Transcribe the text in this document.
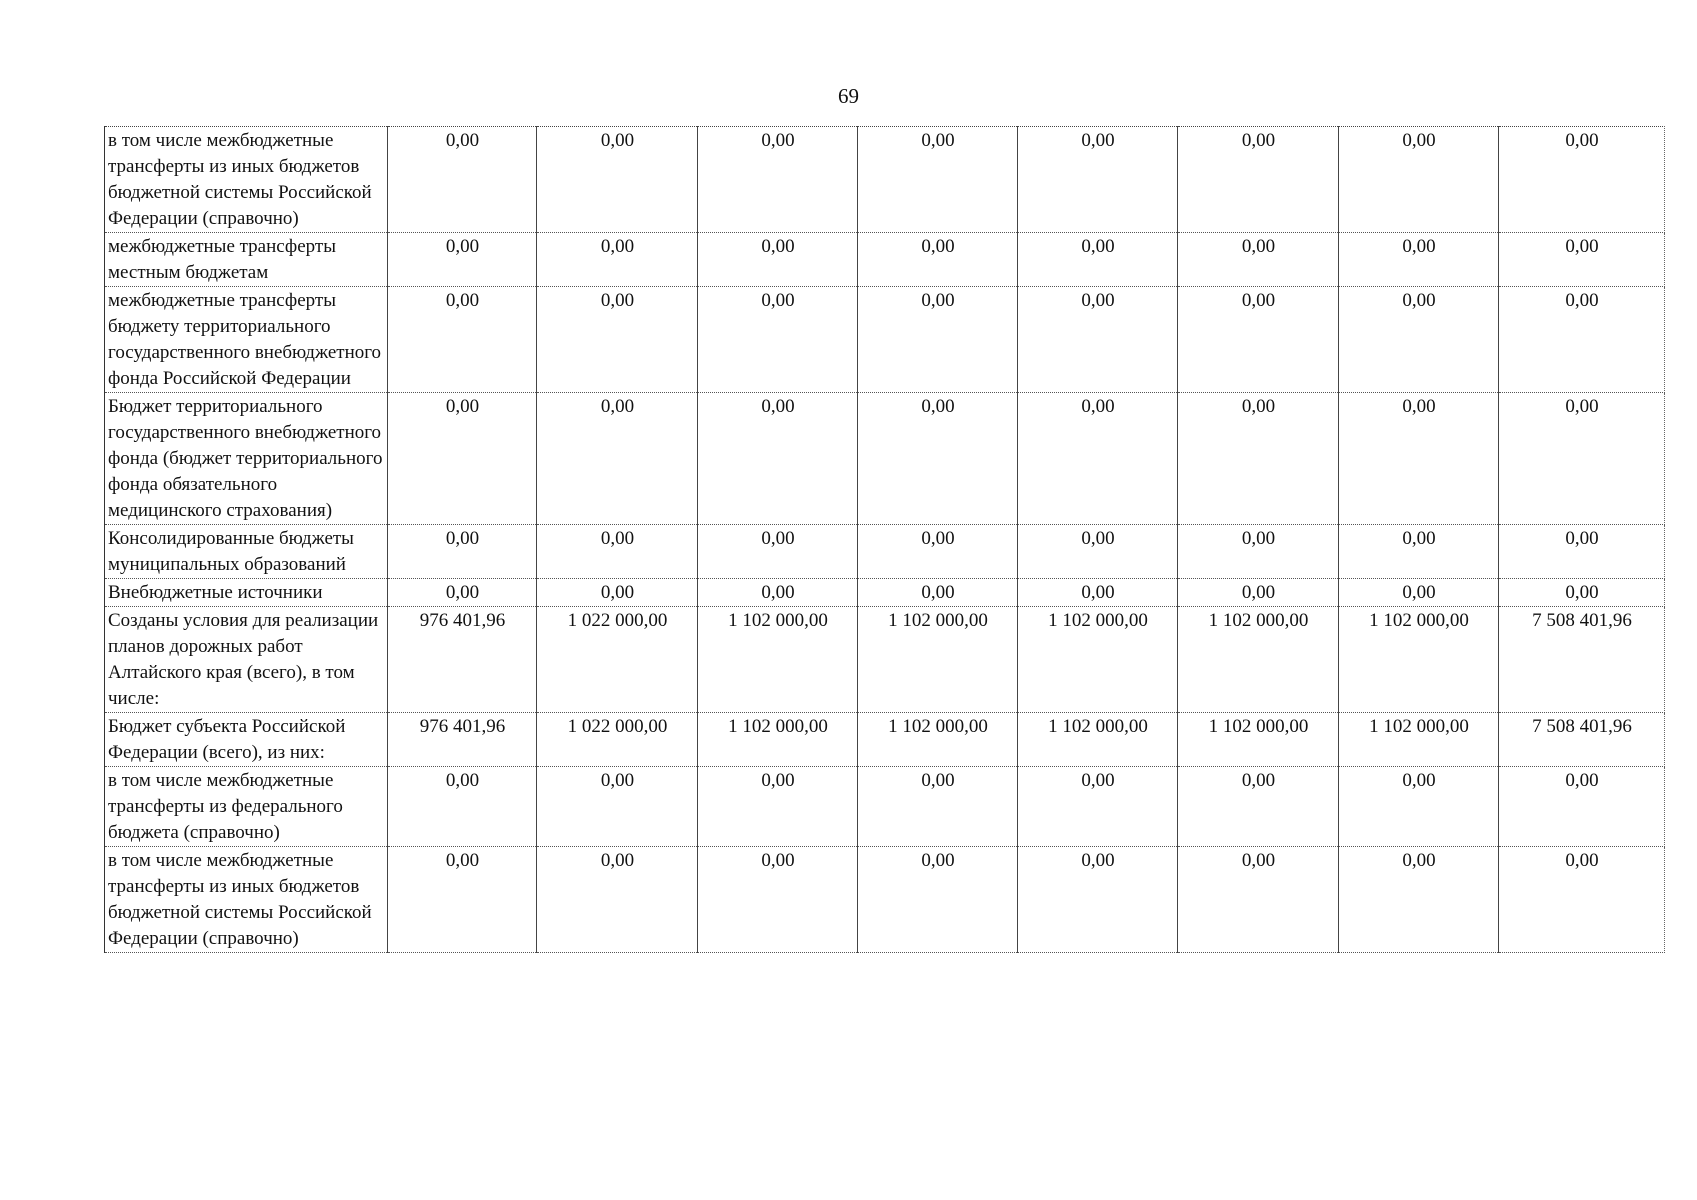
69
в том числе межбюджетные трансферты из иных бюджетов бюджетной системы Российской Федерации (справочно)	0,00	0,00	0,00	0,00	0,00	0,00	0,00	0,00
межбюджетные трансферты местным бюджетам	0,00	0,00	0,00	0,00	0,00	0,00	0,00	0,00
межбюджетные трансферты бюджету территориального государственного внебюджетного фонда Российской Федерации	0,00	0,00	0,00	0,00	0,00	0,00	0,00	0,00
Бюджет территориального государственного внебюджетного фонда (бюджет территориального фонда обязательного медицинского страхования)	0,00	0,00	0,00	0,00	0,00	0,00	0,00	0,00
Консолидированные бюджеты муниципальных образований	0,00	0,00	0,00	0,00	0,00	0,00	0,00	0,00
Внебюджетные источники	0,00	0,00	0,00	0,00	0,00	0,00	0,00	0,00
Созданы условия для реализации планов дорожных работ Алтайского края (всего), в том числе:	976 401,96	1 022 000,00	1 102 000,00	1 102 000,00	1 102 000,00	1 102 000,00	1 102 000,00	7 508 401,96
Бюджет субъекта Российской Федерации (всего), из них:	976 401,96	1 022 000,00	1 102 000,00	1 102 000,00	1 102 000,00	1 102 000,00	1 102 000,00	7 508 401,96
в том числе межбюджетные трансферты из федерального бюджета (справочно)	0,00	0,00	0,00	0,00	0,00	0,00	0,00	0,00
в том числе межбюджетные трансферты из иных бюджетов бюджетной системы Российской Федерации (справочно)	0,00	0,00	0,00	0,00	0,00	0,00	0,00	0,00
